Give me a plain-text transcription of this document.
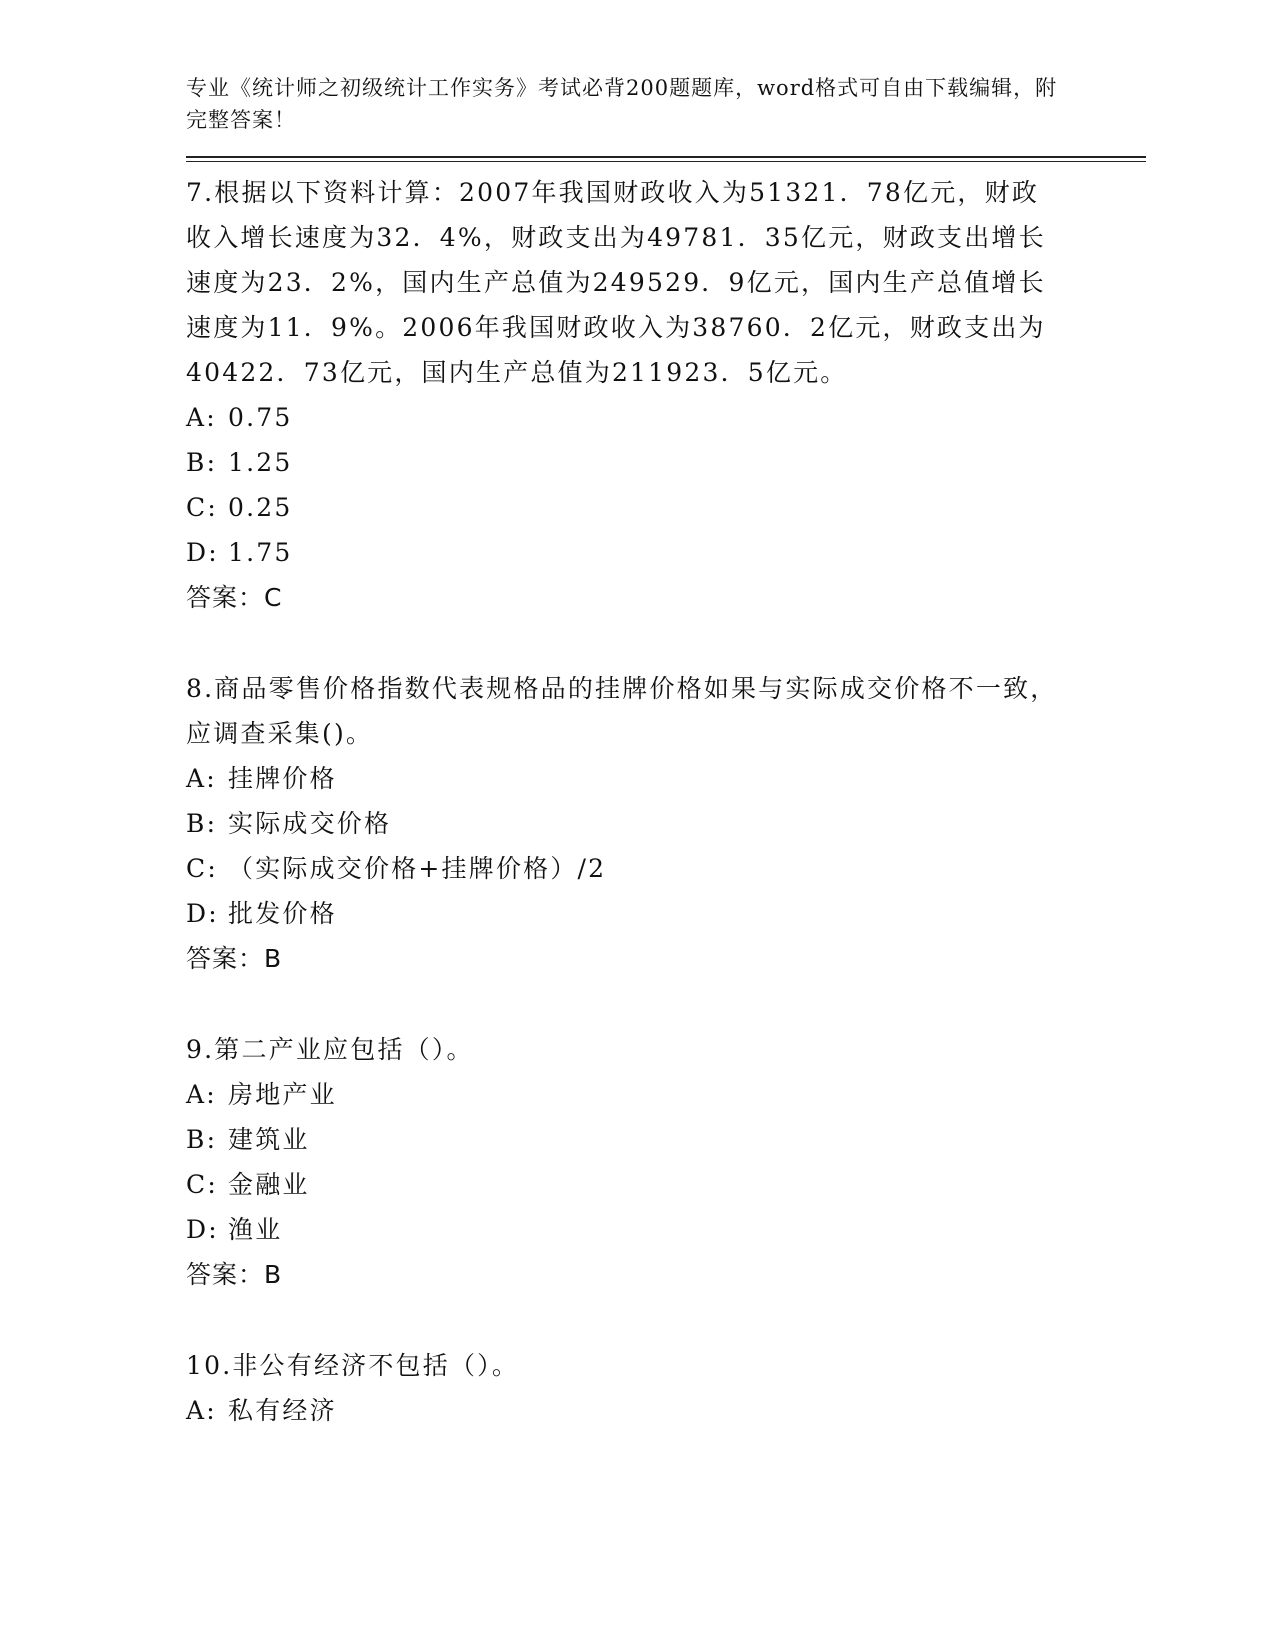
专业《统计师之初级统计工作实务》考试必背200题题库，word格式可自由下载编辑，附完整答案！
7.根据以下资料计算：2007年我国财政收入为51321．78亿元，财政收入增长速度为32．4%，财政支出为49781．35亿元，财政支出增长速度为23．2%，国内生产总值为249529．9亿元，国内生产总值增长速度为11．9%。2006年我国财政收入为38760．2亿元，财政支出为40422．73亿元，国内生产总值为211923．5亿元。
A: 0.75
B: 1.25
C: 0.25
D: 1.75
答案：C
8.商品零售价格指数代表规格品的挂牌价格如果与实际成交价格不一致，应调查采集()。
A: 挂牌价格
B: 实际成交价格
C: （实际成交价格+挂牌价格）/2
D: 批发价格
答案：B
9.第二产业应包括（）。
A: 房地产业
B: 建筑业
C: 金融业
D: 渔业
答案：B
10.非公有经济不包括（）。
A: 私有经济
